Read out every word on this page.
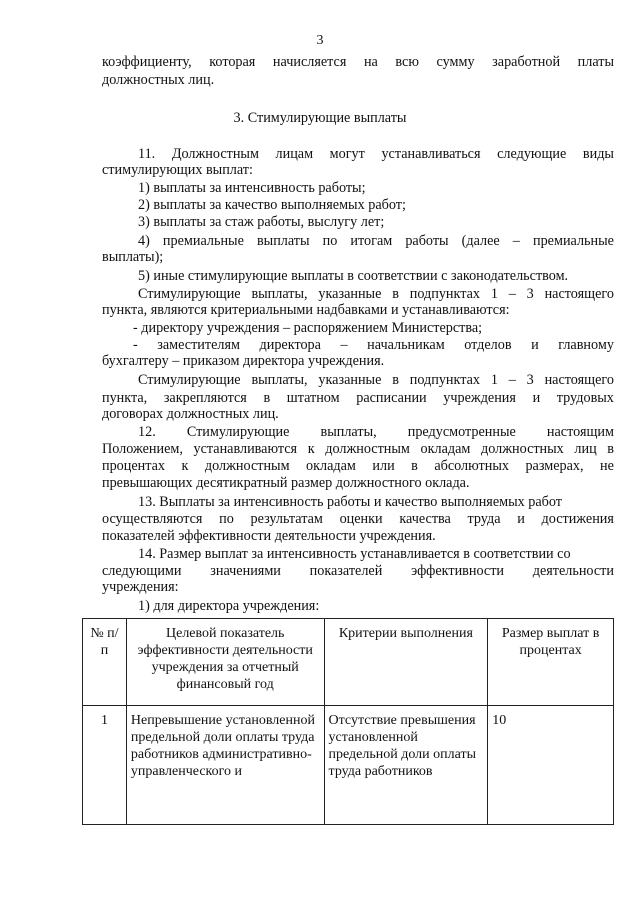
3
коэффициенту, которая начисляется на всю сумму заработной платы
должностных лиц.
3. Стимулирующие выплаты
11. Должностным лицам могут устанавливаться следующие виды
стимулирующих выплат:
1) выплаты за интенсивность работы;
2) выплаты за качество выполняемых работ;
3) выплаты за стаж работы, выслугу лет;
4) премиальные выплаты по итогам работы (далее – премиальные
выплаты);
5) иные стимулирующие выплаты в соответствии с законодательством.
Стимулирующие выплаты, указанные в подпунктах 1 – 3 настоящего
пункта, являются критериальными надбавками и устанавливаются:
- директору учреждения – распоряжением Министерства;
- заместителям директора – начальникам отделов и главному
бухгалтеру – приказом директора учреждения.
Стимулирующие выплаты, указанные в подпунктах 1 – 3 настоящего
пункта, закрепляются в штатном расписании учреждения и трудовых
договорах должностных лиц.
12. Стимулирующие выплаты, предусмотренные настоящим
Положением, устанавливаются к должностным окладам должностных лиц в
процентах к должностным окладам или в абсолютных размерах, не
превышающих десятикратный размер должностного оклада.
13. Выплаты за интенсивность работы и качество выполняемых работ
осуществляются по результатам оценки качества труда и достижения
показателей эффективности деятельности учреждения.
14. Размер выплат за интенсивность устанавливается в соответствии со
следующими значениями показателей эффективности деятельности
учреждения:
1) для директора учреждения:
№ п/п	Целевой показатель эффективности деятельности учреждения за отчетный финансовый год	Критерии выполнения	Размер выплат в процентах

1	Непревышение установленной предельной доли оплаты труда работников административно-управленческого и	Отсутствие превышения установленной предельной доли оплаты труда работников	10
